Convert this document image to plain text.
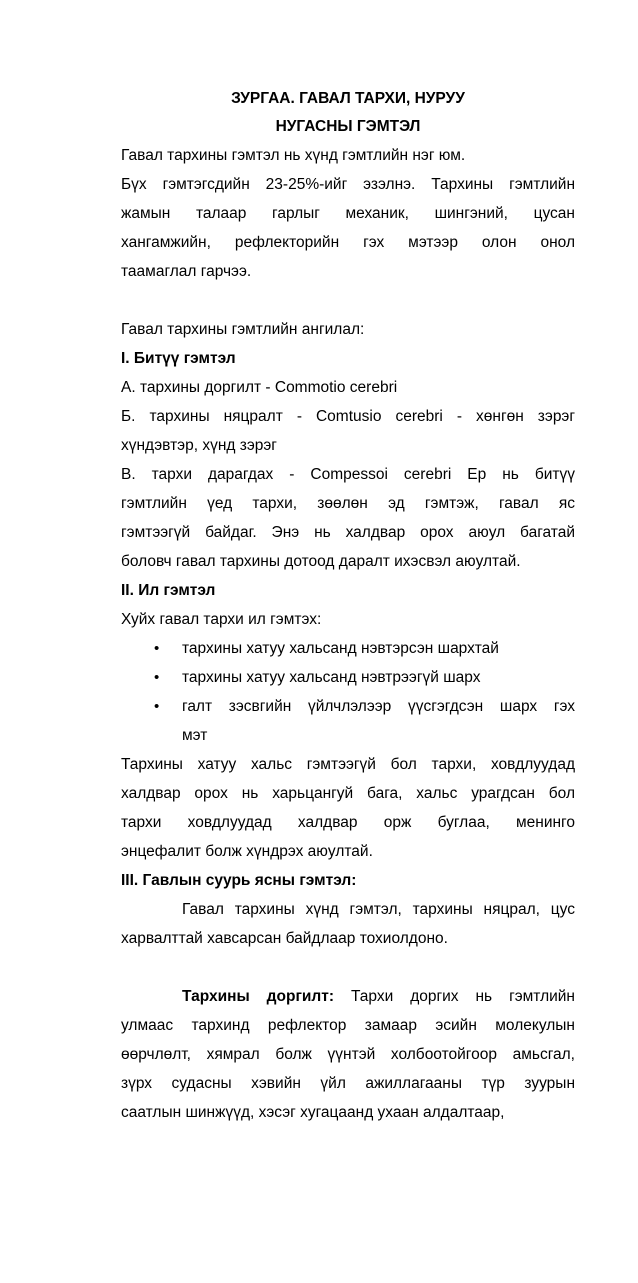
ЗУРГАА. ГАВАЛ ТАРХИ, НУРУУ
НУГАСНЫ ГЭМТЭЛ
Гавал тархины гэмтэл нь хүнд гэмтлийн нэг юм.
Бүх гэмтэгсдийн 23-25%-ийг эзэлнэ. Тархины гэмтлийн
жамын талаар гарлыг механик, шингэний, цусан
хангамжийн, рефлекторийн гэх мэтээр олон онол
таамаглал гарчээ.
Гавал тархины гэмтлийн ангилал:
I. Битүү гэмтэл
А. тархины доргилт - Commotio cerebri
Б. тархины няцралт - Comtusio cerebri - хөнгөн зэрэг
хүндэвтэр, хүнд зэрэг
В. тархи дарагдах - Compessoi cerebri Ер нь битүү
гэмтлийн үед тархи, зөөлөн эд гэмтэж, гавал яс
гэмтээгүй байдаг. Энэ нь халдвар орох аюул багатай
боловч гавал тархины дотоод даралт ихэсвэл аюултай.
II. Ил гэмтэл
Хуйх гавал тархи ил гэмтэх:
• тархины хатуу хальсанд нэвтэрсэн шархтай
• тархины хатуу хальсанд нэвтрээгүй шарх
• галт зэсвгийн үйлчлэлээр үүсгэгдсэн шарх гэх
мэт
Тархины хатуу хальс гэмтээгүй бол тархи, ховдлуудад
халдвар орох нь харьцангуй бага, хальс урагдсан бол
тархи ховдлуудад халдвар орж буглаа, менинго
энцефалит болж хүндрэх аюултай.
III. Гавлын суурь ясны гэмтэл:
Гавал тархины хүнд гэмтэл, тархины няцрал, цус
харвалттай хавсарсан байдлаар тохиолдоно.
Тархины доргилт: Тархи доргих нь гэмтлийн
улмаас тархинд рефлектор замаар эсийн молекулын
өөрчлөлт, хямрал болж үүнтэй холбоотойгоор амьсгал,
зүрх судасны хэвийн үйл ажиллагааны түр зуурын
саатлын шинжүүд, хэсэг хугацаанд ухаан алдалтаар,
